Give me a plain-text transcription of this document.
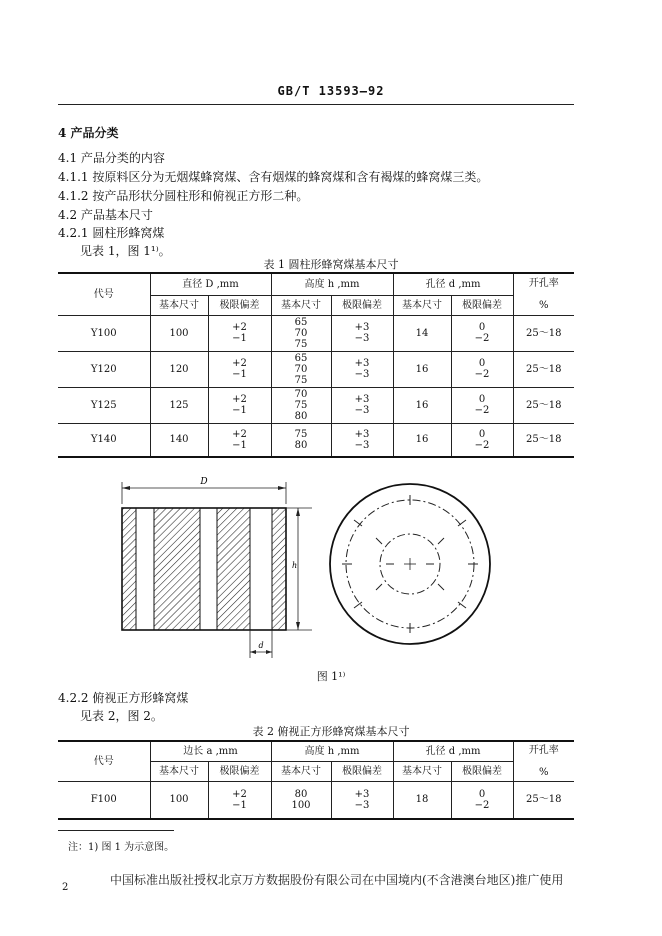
GB/T 13593—92
4 产品分类
4.1 产品分类的内容
4.1.1 按原料区分为无烟煤蜂窝煤、含有烟煤的蜂窝煤和含有褐煤的蜂窝煤三类。
4.1.2 按产品形状分圆柱形和俯视正方形二种。
4.2 产品基本尺寸
4.2.1 圆柱形蜂窝煤
见表 1，图 1¹⁾。
表 1 圆柱形蜂窝煤基本尺寸
代号	直径 D ,mm		高度 h ,mm		孔径 d ,mm		开孔率

%
	基本尺寸	极限偏差	基本尺寸	极限偏差	基本尺寸	极限偏差	
Y100	100	+2
−1	65
70
75	+3
−3	14	0
−2	25～18
Y120	120	+2
−1	65
70
75	+3
−3	16	0
−2	25～18
Y125	125	+2
−1	70
75
80	+3
−3	16	0
−2	25～18
Y140	140	+2
−1	75
80	+3
−3	16	0
−2	25～18
D
h
d
图 1¹⁾
4.2.2 俯视正方形蜂窝煤
见表 2，图 2。
表 2 俯视正方形蜂窝煤基本尺寸
代号	边长 a ,mm		高度 h ,mm		孔径 d ,mm		开孔率

%
	基本尺寸	极限偏差	基本尺寸	极限偏差	基本尺寸	极限偏差	
F100	100	+2
−1	80
100	+3
−3	18	0
−2	25～18
注：1) 图 1 为示意图。
2
中国标准出版社授权北京万方数据股份有限公司在中国境内(不含港澳台地区)推广使用
